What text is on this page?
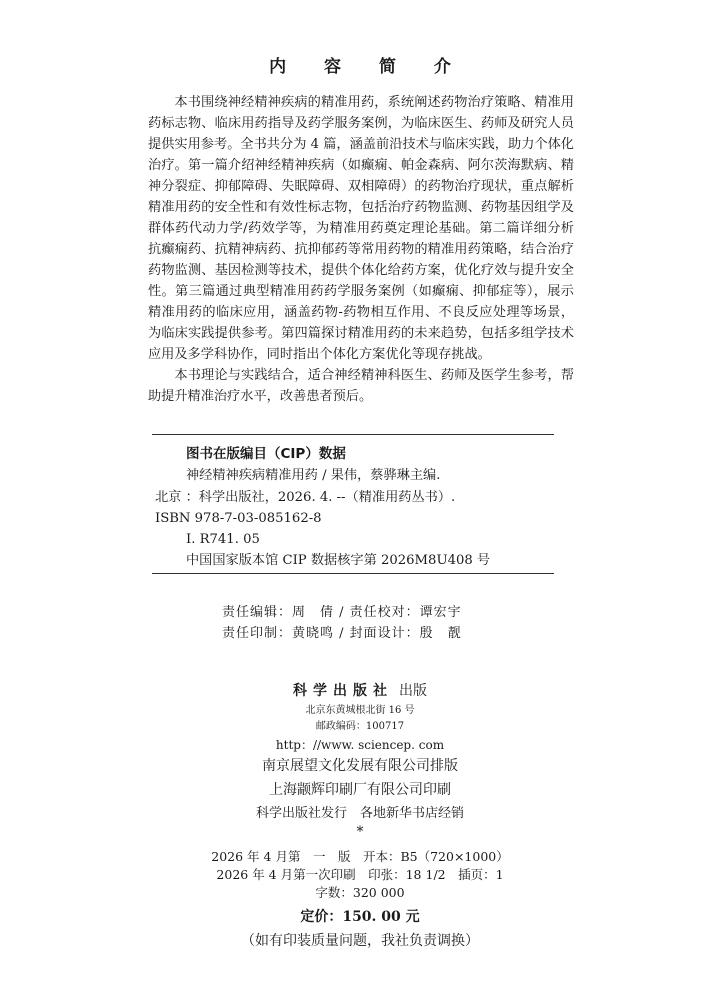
内 容 简 介

本书围绕神经精神疾病的精准用药，系统阐述药物治疗策略、精准用药标志物、临床用药指导及药学服务案例，为临床医生、药师及研究人员提供实用参考。全书共分为 4 篇，涵盖前沿技术与临床实践，助力个体化治疗。第一篇介绍神经精神疾病（如癫痫、帕金森病、阿尔茨海默病、精神分裂症、抑郁障碍、失眠障碍、双相障碍）的药物治疗现状，重点解析精准用药的安全性和有效性标志物，包括治疗药物监测、药物基因组学及群体药代动力学/药效学等，为精准用药奠定理论基础。第二篇详细分析抗癫痫药、抗精神病药、抗抑郁药等常用药物的精准用药策略，结合治疗药物监测、基因检测等技术，提供个体化给药方案，优化疗效与提升安全性。第三篇通过典型精准用药药学服务案例（如癫痫、抑郁症等），展示精准用药的临床应用，涵盖药物-药物相互作用、不良反应处理等场景，为临床实践提供参考。第四篇探讨精准用药的未来趋势，包括多组学技术应用及多学科协作，同时指出个体化方案优化等现存挑战。

本书理论与实践结合，适合神经精神科医生、药师及医学生参考，帮助提升精准治疗水平，改善患者预后。

图书在版编目（CIP）数据
神经精神疾病精准用药 / 果伟，蔡骅琳主编.
北京 ：科学出版社，2026. 4. --（精准用药丛书）.
ISBN 978-7-03-085162-8
Ⅰ. R741. 05
中国国家版本馆 CIP 数据核字第 2026M8U408 号
责任编辑：周　倩 / 责任校对：谭宏宇
责任印制：黄晓鸣 / 封面设计：殷　靓
科学出版社 出版
北京东黄城根北街 16 号
邮政编码：100717
http：//www. sciencep. com
南京展望文化发展有限公司排版
上海颛辉印刷厂有限公司印刷
科学出版社发行　各地新华书店经销
*
2026 年 4 月第　一　版　开本：B5（720×1000）
2026 年 4 月第一次印刷　印张：18 1/2　插页：1
字数：320 000
定价：150. 00 元
（如有印装质量问题，我社负责调换）
